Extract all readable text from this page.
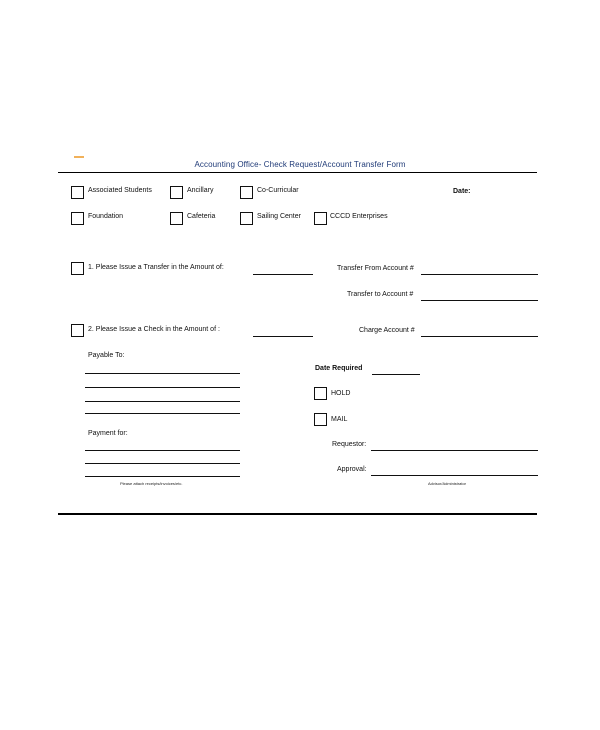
Accounting Office- Check Request/Account Transfer Form
Associated Students	Ancillary	Co-Curricular	Date:
Foundation	Cafeteria	Sailing Center	CCCD Enterprises
1. Please Issue a Transfer in the Amount of:	Transfer From Account #
Transfer to Account #
2. Please Issue a Check in the Amount of :	Charge Account #
Payable To:
Payment for:
Please attach receipts/invoices/etc.
Date Required
HOLD
MAIL
Requestor:
Approval:
Advisor/Administrator
